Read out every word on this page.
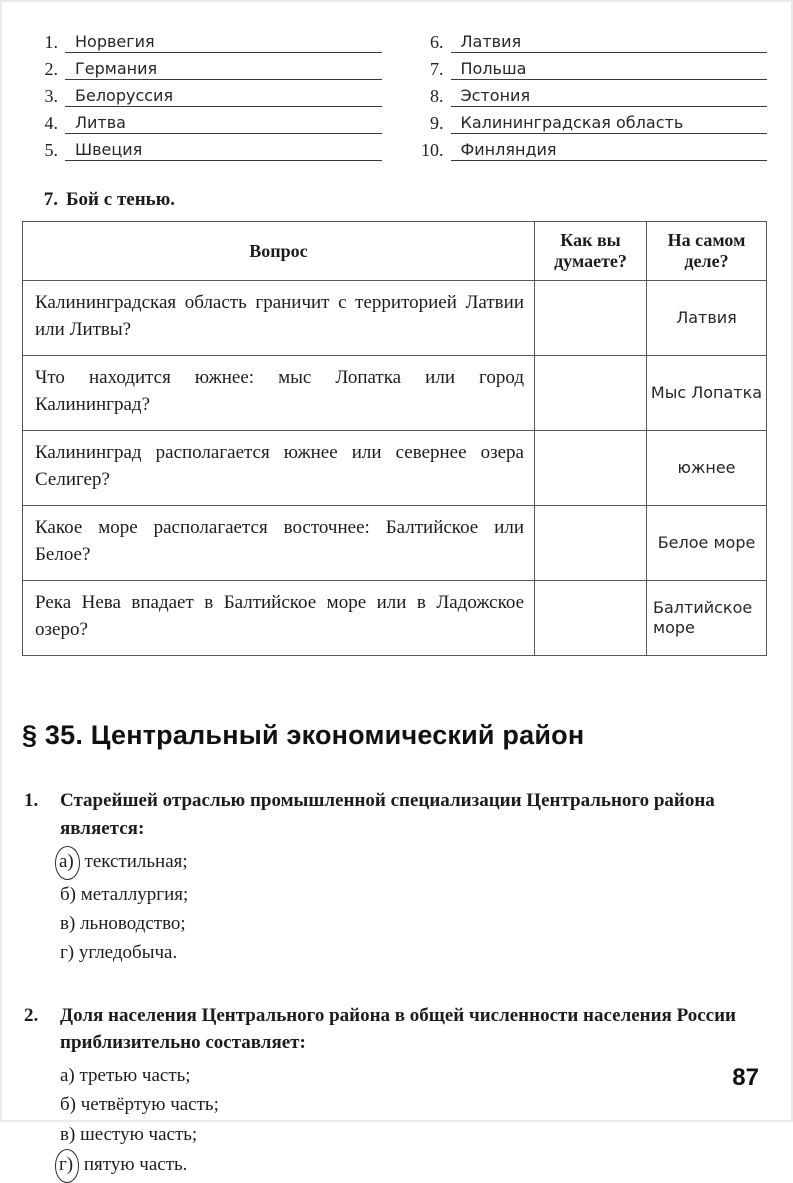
1.	Норвегия
2.	Германия
3.	Белоруссия
4.	Литва
5.	Швеция
6.	Латвия
7.	Польша
8.	Эстония
9.	Калининградская область
10.	Финляндия
7. Бой с тенью.
Вопрос	Как вы думаете?	На самом деле?
Калининградская область граничит с территорией Латвии или Литвы?		Латвия
Что находится южнее: мыс Лопатка или город Калининград?		Мыс Лопатка
Калининград располагается южнее или севернее озера Селигер?		южнее
Какое море располагается восточнее: Балтийское или Белое?		Белое море
Река Нева впадает в Балтийское море или в Ладожское озеро?		Балтийское море
§ 35. Центральный экономический район
1.	Старейшей отраслью промышленной специализации Центрального района является:
а) текстильная;
б) металлургия;
в) льноводство;
г) угледобыча.
2.	Доля населения Центрального района в общей численности населения России приблизительно составляет:
а) третью часть;
б) четвёртую часть;
в) шестую часть;
г) пятую часть.
87
